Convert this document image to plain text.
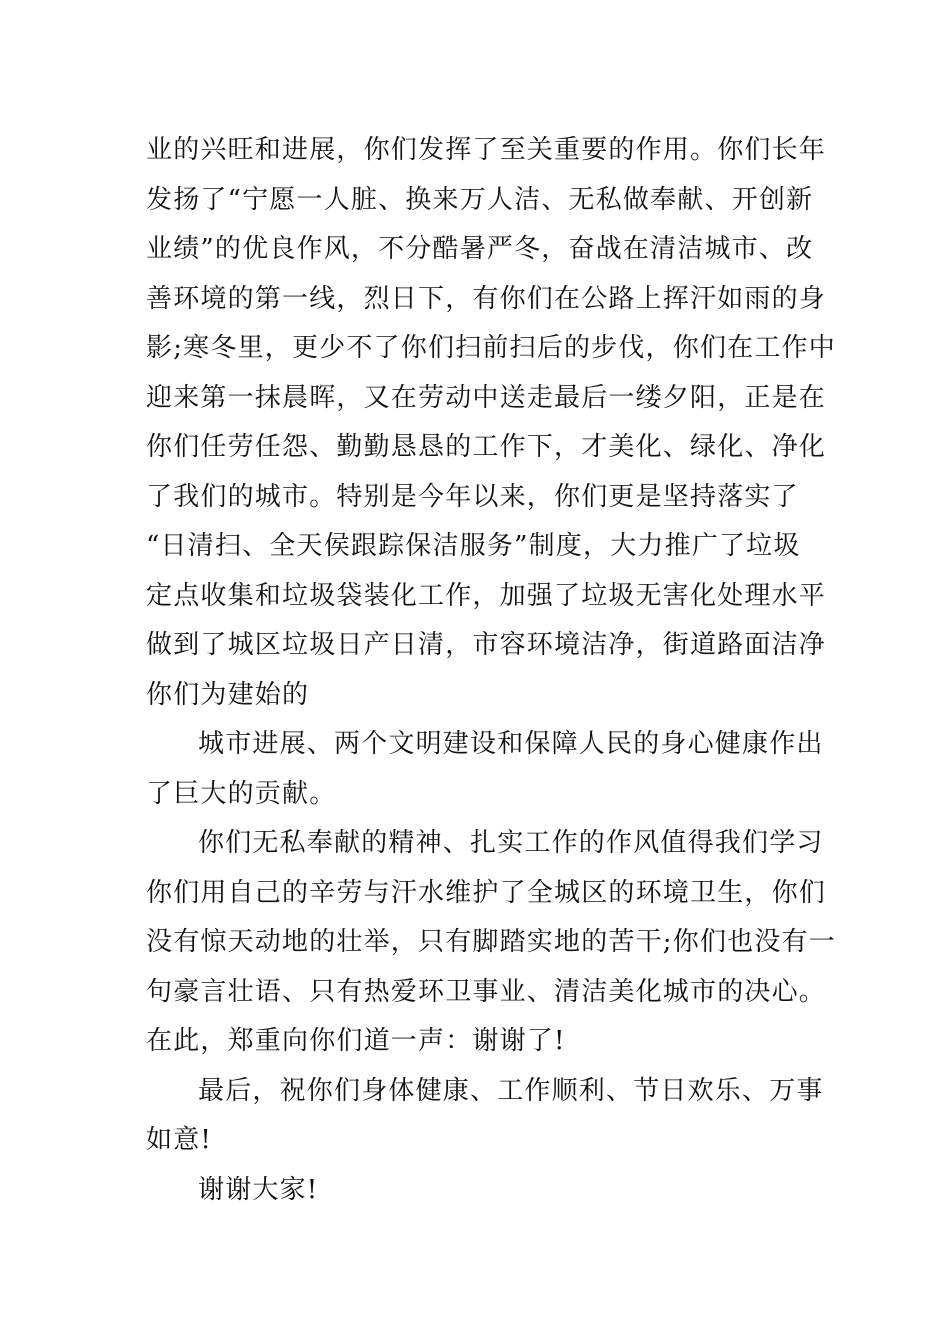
业的兴旺和进展，你们发挥了至关重要的作用。你们长年
发扬了“宁愿一人脏、换来万人洁、无私做奉献、开创新
业绩”的优良作风，不分酷暑严冬，奋战在清洁城市、改
善环境的第一线，烈日下，有你们在公路上挥汗如雨的身
影;寒冬里，更少不了你们扫前扫后的步伐，你们在工作中
迎来第一抹晨晖，又在劳动中送走最后一缕夕阳，正是在
你们任劳任怨、勤勤恳恳的工作下，才美化、绿化、净化
了我们的城市。特别是今年以来，你们更是坚持落实了
“日清扫、全天侯跟踪保洁服务”制度，大力推广了垃圾
定点收集和垃圾袋装化工作，加强了垃圾无害化处理水平
做到了城区垃圾日产日清，市容环境洁净，街道路面洁净
你们为建始的
城市进展、两个文明建设和保障人民的身心健康作出
了巨大的贡献。
你们无私奉献的精神、扎实工作的作风值得我们学习
你们用自己的辛劳与汗水维护了全城区的环境卫生，你们
没有惊天动地的壮举，只有脚踏实地的苦干;你们也没有一
句豪言壮语、只有热爱环卫事业、清洁美化城市的决心。
在此，郑重向你们道一声：谢谢了!
最后，祝你们身体健康、工作顺利、节日欢乐、万事
如意!
谢谢大家!
